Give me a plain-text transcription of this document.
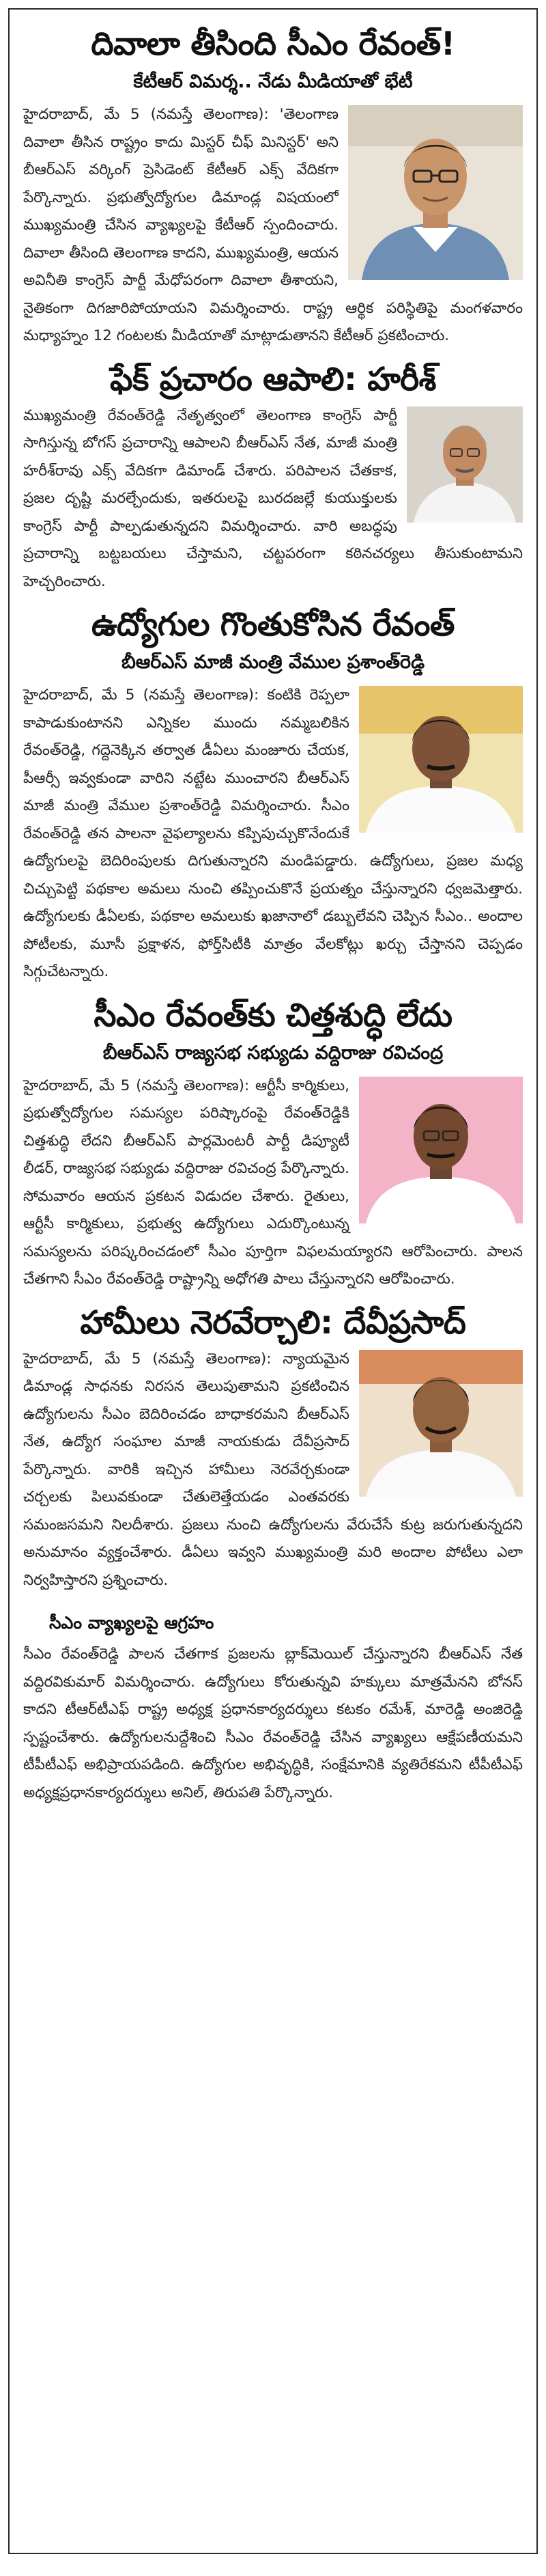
దివాలా తీసింది సీఎం రేవంత్!
కేటీఆర్ విమర్శ.. నేడు మీడియాతో భేటీ

హైదరాబాద్, మే 5 (నమస్తే తెలంగాణ): 'తెలంగాణ దివాలా తీసిన రాష్ట్రం కాదు మిస్టర్ చీఫ్ మినిస్టర్' అని బీఆర్ఎస్ వర్కింగ్ ప్రెసిడెంట్ కేటీఆర్ ఎక్స్ వేదికగా పేర్కొన్నారు. ప్రభుత్వోద్యోగుల డిమాండ్ల విషయంలో ముఖ్యమంత్రి చేసిన వ్యాఖ్యలపై కేటీఆర్ స్పందించారు. దివాలా తీసింది తెలంగాణ కాదని, ముఖ్యమంత్రి, ఆయన అవినీతి కాంగ్రెస్ పార్టీ మేధోపరంగా దివాలా తీశాయని, నైతికంగా దిగజారిపోయాయని విమర్శించారు. రాష్ట్ర ఆర్థిక పరిస్థితిపై మంగళవారం మధ్యాహ్నం 12 గంటలకు మీడియాతో మాట్లాడుతానని కేటీఆర్ ప్రకటించారు.

ఫేక్ ప్రచారం ఆపాలి: హరీశ్

ముఖ్యమంత్రి రేవంత్‌రెడ్డి నేతృత్వంలో తెలంగాణ కాంగ్రెస్ పార్టీ సాగిస్తున్న బోగస్ ప్రచారాన్ని ఆపాలని బీఆర్ఎస్ నేత, మాజీ మంత్రి హరీశ్‌రావు ఎక్స్ వేదికగా డిమాండ్ చేశారు. పరిపాలన చేతకాక, ప్రజల దృష్టి మరల్చేందుకు, ఇతరులపై బురదజల్లే కుయుక్తులకు కాంగ్రెస్ పార్టీ పాల్పడుతున్నదని విమర్శించారు. వారి అబద్ధపు ప్రచారాన్ని బట్టబయలు చేస్తామని, చట్టపరంగా కఠినచర్యలు తీసుకుంటామని హెచ్చరించారు.

ఉద్యోగుల గొంతుకోసిన రేవంత్
బీఆర్ఎస్ మాజీ మంత్రి వేముల ప్రశాంత్‌రెడ్డి

హైదరాబాద్, మే 5 (నమస్తే తెలంగాణ): కంటికి రెప్పలా కాపాడుకుంటానని ఎన్నికల ముందు నమ్మబలికిన రేవంత్‌రెడ్డి, గద్దెనెక్కిన తర్వాత డీఏలు మంజూరు చేయక, పీఆర్సీ ఇవ్వకుండా వారిని నట్టేట ముంచారని బీఆర్ఎస్ మాజీ మంత్రి వేముల ప్రశాంత్‌రెడ్డి విమర్శించారు. సీఎం రేవంత్‌రెడ్డి తన పాలనా వైఫల్యాలను కప్పిపుచ్చుకొనేందుకే ఉద్యోగులపై బెదిరింపులకు దిగుతున్నారని మండిపడ్డారు. ఉద్యోగులు, ప్రజల మధ్య చిచ్చుపెట్టి పథకాల అమలు నుంచి తప్పించుకొనే ప్రయత్నం చేస్తున్నారని ధ్వజమెత్తారు. ఉద్యోగులకు డీఏలకు, పథకాల అమలుకు ఖజానాలో డబ్బులేవని చెప్పిన సీఎం.. అందాల పోటీలకు, మూసీ ప్రక్షాళన, ఫోర్త్‌సిటీకి మాత్రం వేలకోట్లు ఖర్చు చేస్తానని చెప్పడం సిగ్గుచేటన్నారు.

సీఎం రేవంత్‌కు చిత్తశుద్ధి లేదు
బీఆర్ఎస్ రాజ్యసభ సభ్యుడు వద్దిరాజు రవిచంద్ర

హైదరాబాద్, మే 5 (నమస్తే తెలంగాణ): ఆర్టీసీ కార్మికులు, ప్రభుత్వోద్యోగుల సమస్యల పరిష్కారంపై రేవంత్‌రెడ్డికి చిత్తశుద్ధి లేదని బీఆర్ఎస్ పార్లమెంటరీ పార్టీ డిప్యూటీ లీడర్, రాజ్యసభ సభ్యుడు వద్దిరాజు రవిచంద్ర పేర్కొన్నారు. సోమవారం ఆయన ప్రకటన విడుదల చేశారు. రైతులు, ఆర్టీసీ కార్మికులు, ప్రభుత్వ ఉద్యోగులు ఎదుర్కొంటున్న సమస్యలను పరిష్కరించడంలో సీఎం పూర్తిగా విఫలమయ్యారని ఆరోపించారు. పాలన చేతగాని సీఎం రేవంత్‌రెడ్డి రాష్ట్రాన్ని అధోగతి పాలు చేస్తున్నారని ఆరోపించారు.

హామీలు నెరవేర్చాలి: దేవీప్రసాద్

హైదరాబాద్, మే 5 (నమస్తే తెలంగాణ): న్యాయమైన డిమాండ్ల సాధనకు నిరసన తెలుపుతామని ప్రకటించిన ఉద్యోగులను సీఎం బెదిరించడం బాధాకరమని బీఆర్ఎస్ నేత, ఉద్యోగ సంఘాల మాజీ నాయకుడు దేవీప్రసాద్ పేర్కొన్నారు. వారికి ఇచ్చిన హామీలు నెరవేర్చకుండా చర్చలకు పిలువకుండా చేతులెత్తేయడం ఎంతవరకు సమంజసమని నిలదీశారు. ప్రజలు నుంచి ఉద్యోగులను వేరుచేసే కుట్ర జరుగుతున్నదని అనుమానం వ్యక్తంచేశారు. డీఏలు ఇవ్వని ముఖ్యమంత్రి మరి అందాల పోటీలు ఎలా నిర్వహిస్తారని ప్రశ్నించారు.

సీఎం వ్యాఖ్యలపై ఆగ్రహం

సీఎం రేవంత్‌రెడ్డి పాలన చేతగాక ప్రజలను బ్లాక్‌మెయిల్ చేస్తున్నారని బీఆర్ఎస్ నేత వద్దిరవికుమార్ విమర్శించారు. ఉద్యోగులు కోరుతున్నవి హక్కులు మాత్రమేనని బోనస్ కాదని టీఆర్‌టీఎఫ్ రాష్ట్ర అధ్యక్ష ప్రధానకార్యదర్శులు కటకం రమేశ్, మారెడ్డి అంజిరెడ్డి స్పష్టంచేశారు. ఉద్యోగులనుద్దేశించి సీఎం రేవంత్‌రెడ్డి చేసిన వ్యాఖ్యలు ఆక్షేపణీయమని టీపీటీఎఫ్ అభిప్రాయపడింది. ఉద్యోగుల అభివృద్ధికి, సంక్షేమానికి వ్యతిరేకమని టీపీటీఎఫ్ అధ్యక్షప్రధానకార్యదర్శులు అనిల్, తిరుపతి పేర్కొన్నారు.
